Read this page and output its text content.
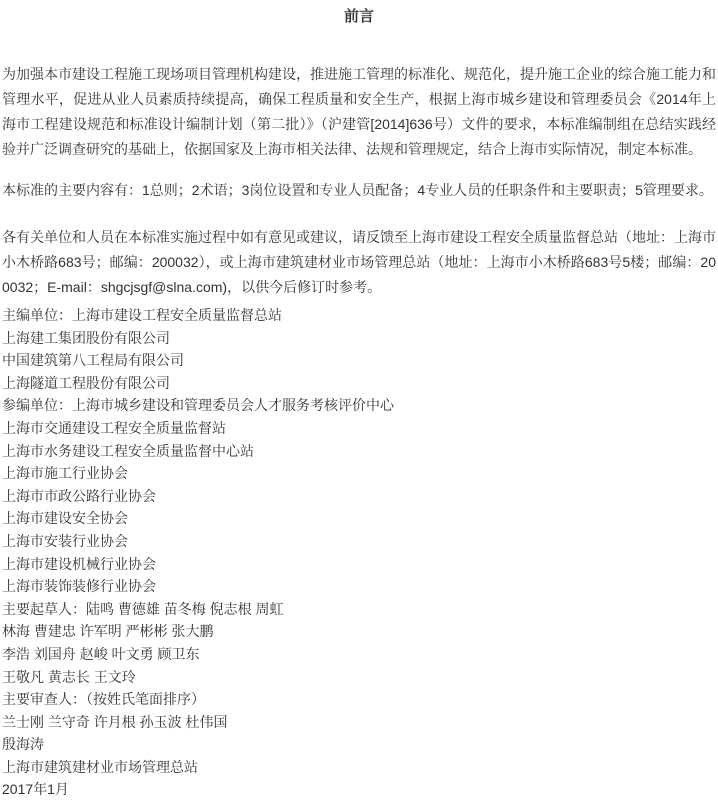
前言

为加强本市建设工程施工现场项目管理机构建设，推进施工管理的标准化、规范化，提升施工企业的综合施工能力和管理水平，促进从业人员素质持续提高，确保工程质量和安全生产，根据上海市城乡建设和管理委员会《2014年上海市工程建设规范和标准设计编制计划（第二批）》（沪建管[2014]636号）文件的要求，本标准编制组在总结实践经验并广泛调查研究的基础上，依据国家及上海市相关法律、法规和管理规定，结合上海市实际情况，制定本标准。

本标准的主要内容有：1总则；2术语；3岗位设置和专业人员配备；4专业人员的任职条件和主要职责；5管理要求。

各有关单位和人员在本标准实施过程中如有意见或建议，请反馈至上海市建设工程安全质量监督总站（地址：上海市小木桥路683号；邮编：200032），或上海市建筑建材业市场管理总站（地址：上海市小木桥路683号5楼；邮编：200032；E-mail：shgcjsgf@slna.com)，以供今后修订时参考。

主编单位：上海市建设工程安全质量监督总站
上海建工集团股份有限公司
中国建筑第八工程局有限公司
上海隧道工程股份有限公司
参编单位：上海市城乡建设和管理委员会人才服务考核评价中心
上海市交通建设工程安全质量监督站
上海市水务建设工程安全质量监督中心站
上海市施工行业协会
上海市市政公路行业协会
上海市建设安全协会
上海市安装行业协会
上海市建设机械行业协会
上海市装饰装修行业协会
主要起草人：陆鸣 曹德雄 苗冬梅 倪志根 周虹
林海 曹建忠 许军明 严彬彬 张大鹏
李浩 刘国舟 赵峻 叶文勇 顾卫东
王敬凡 黄志长 王文玲
主要审查人：（按姓氏笔面排序）
兰士刚 兰守奇 许月根 孙玉波 杜伟国
殷海涛
上海市建筑建材业市场管理总站
2017年1月
